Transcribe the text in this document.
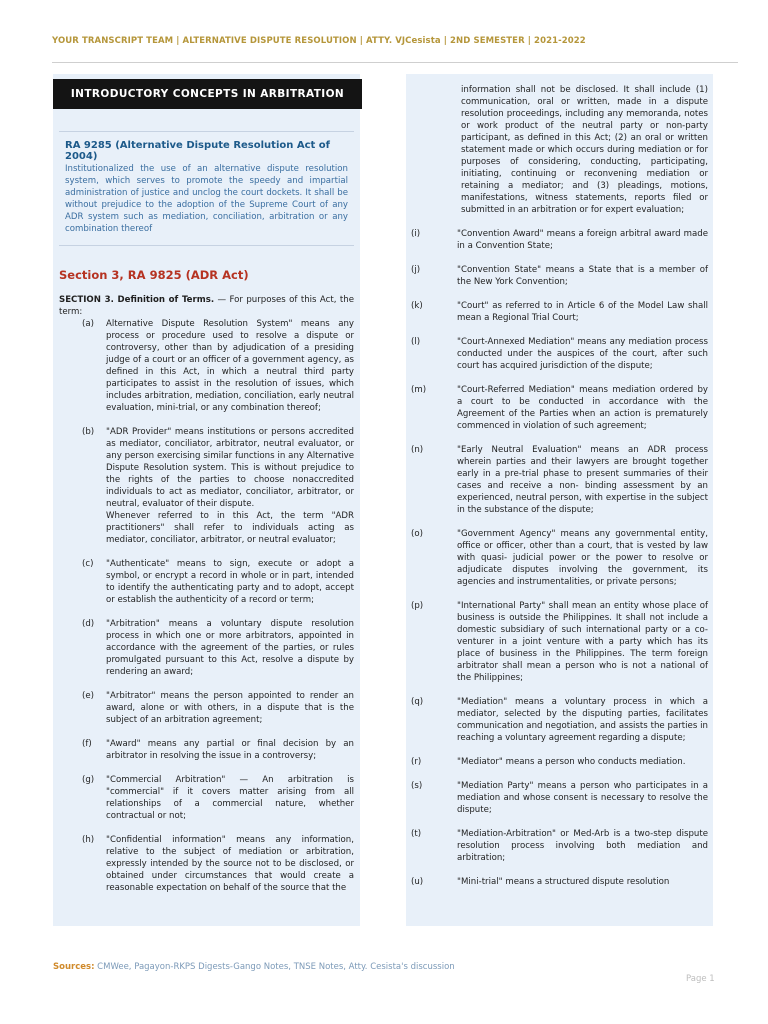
YOUR TRANSCRIPT TEAM | ALTERNATIVE DISPUTE RESOLUTION | ATTY. VJCesista | 2ND SEMESTER | 2021-2022
INTRODUCTORY CONCEPTS IN ARBITRATION
RA 9285 (Alternative Dispute Resolution Act of 2004)
Institutionalized the use of an alternative dispute resolution system, which serves to promote the speedy and impartial administration of justice and unclog the court dockets. It shall be without prejudice to the adoption of the Supreme Court of any ADR system such as mediation, conciliation, arbitration or any combination thereof
Section 3, RA 9825 (ADR Act)
SECTION 3. Definition of Terms. — For purposes of this Act, the term:
(a)	Alternative Dispute Resolution System" means any process or procedure used to resolve a dispute or controversy, other than by adjudication of a presiding judge of a court or an officer of a government agency, as defined in this Act, in which a neutral third party participates to assist in the resolution of issues, which includes arbitration, mediation, conciliation, early neutral evaluation, mini-trial, or any combination thereof;
(b)	"ADR Provider" means institutions or persons accredited as mediator, conciliator, arbitrator, neutral evaluator, or any person exercising similar functions in any Alternative Dispute Resolution system. This is without prejudice to the rights of the parties to choose nonaccredited individuals to act as mediator, conciliator, arbitrator, or neutral, evaluator of their dispute.
Whenever referred to in this Act, the term "ADR practitioners" shall refer to individuals acting as mediator, conciliator, arbitrator, or neutral evaluator;
(c)	"Authenticate" means to sign, execute or adopt a symbol, or encrypt a record in whole or in part, intended to identify the authenticating party and to adopt, accept or establish the authenticity of a record or term;
(d)	"Arbitration" means a voluntary dispute resolution process in which one or more arbitrators, appointed in accordance with the agreement of the parties, or rules promulgated pursuant to this Act, resolve a dispute by rendering an award;
(e)	"Arbitrator" means the person appointed to render an award, alone or with others, in a dispute that is the subject of an arbitration agreement;
(f)	"Award" means any partial or final decision by an arbitrator in resolving the issue in a controversy;
(g)	"Commercial Arbitration" — An arbitration is "commercial" if it covers matter arising from all relationships of a commercial nature, whether contractual or not;
(h)	"Confidential information" means any information, relative to the subject of mediation or arbitration, expressly intended by the source not to be disclosed, or obtained under circumstances that would create a reasonable expectation on behalf of the source that the
information shall not be disclosed. It shall include (1) communication, oral or written, made in a dispute resolution proceedings, including any memoranda, notes or work product of the neutral party or non-party participant, as defined in this Act; (2) an oral or written statement made or which occurs during mediation or for purposes of considering, conducting, participating, initiating, continuing or reconvening mediation or retaining a mediator; and (3) pleadings, motions, manifestations, witness statements, reports filed or submitted in an arbitration or for expert evaluation;
(i)	"Convention Award" means a foreign arbitral award made in a Convention State;
(j)	"Convention State" means a State that is a member of the New York Convention;
(k)	"Court" as referred to in Article 6 of the Model Law shall mean a Regional Trial Court;
(l)	"Court-Annexed Mediation" means any mediation process conducted under the auspices of the court, after such court has acquired jurisdiction of the dispute;
(m)	"Court-Referred Mediation" means mediation ordered by a court to be conducted in accordance with the Agreement of the Parties when an action is prematurely commenced in violation of such agreement;
(n)	"Early Neutral Evaluation" means an ADR process wherein parties and their lawyers are brought together early in a pre-trial phase to present summaries of their cases and receive a non- binding assessment by an experienced, neutral person, with expertise in the subject in the substance of the dispute;
(o)	"Government Agency" means any governmental entity, office or officer, other than a court, that is vested by law with quasi- judicial power or the power to resolve or adjudicate disputes involving the government, its agencies and instrumentalities, or private persons;
(p)	"International Party" shall mean an entity whose place of business is outside the Philippines. It shall not include a domestic subsidiary of such international party or a co-venturer in a joint venture with a party which has its place of business in the Philippines. The term foreign arbitrator shall mean a person who is not a national of the Philippines;
(q)	"Mediation" means a voluntary process in which a mediator, selected by the disputing parties, facilitates communication and negotiation, and assists the parties in reaching a voluntary agreement regarding a dispute;
(r)	"Mediator" means a person who conducts mediation.
(s)	"Mediation Party" means a person who participates in a mediation and whose consent is necessary to resolve the dispute;
(t)	"Mediation-Arbitration" or Med-Arb is a two-step dispute resolution process involving both mediation and arbitration;
(u)	"Mini-trial" means a structured dispute resolution
Sources: CMWee, Pagayon-RKPS Digests-Gango Notes, TNSE Notes, Atty. Cesista's discussion
Page 1
